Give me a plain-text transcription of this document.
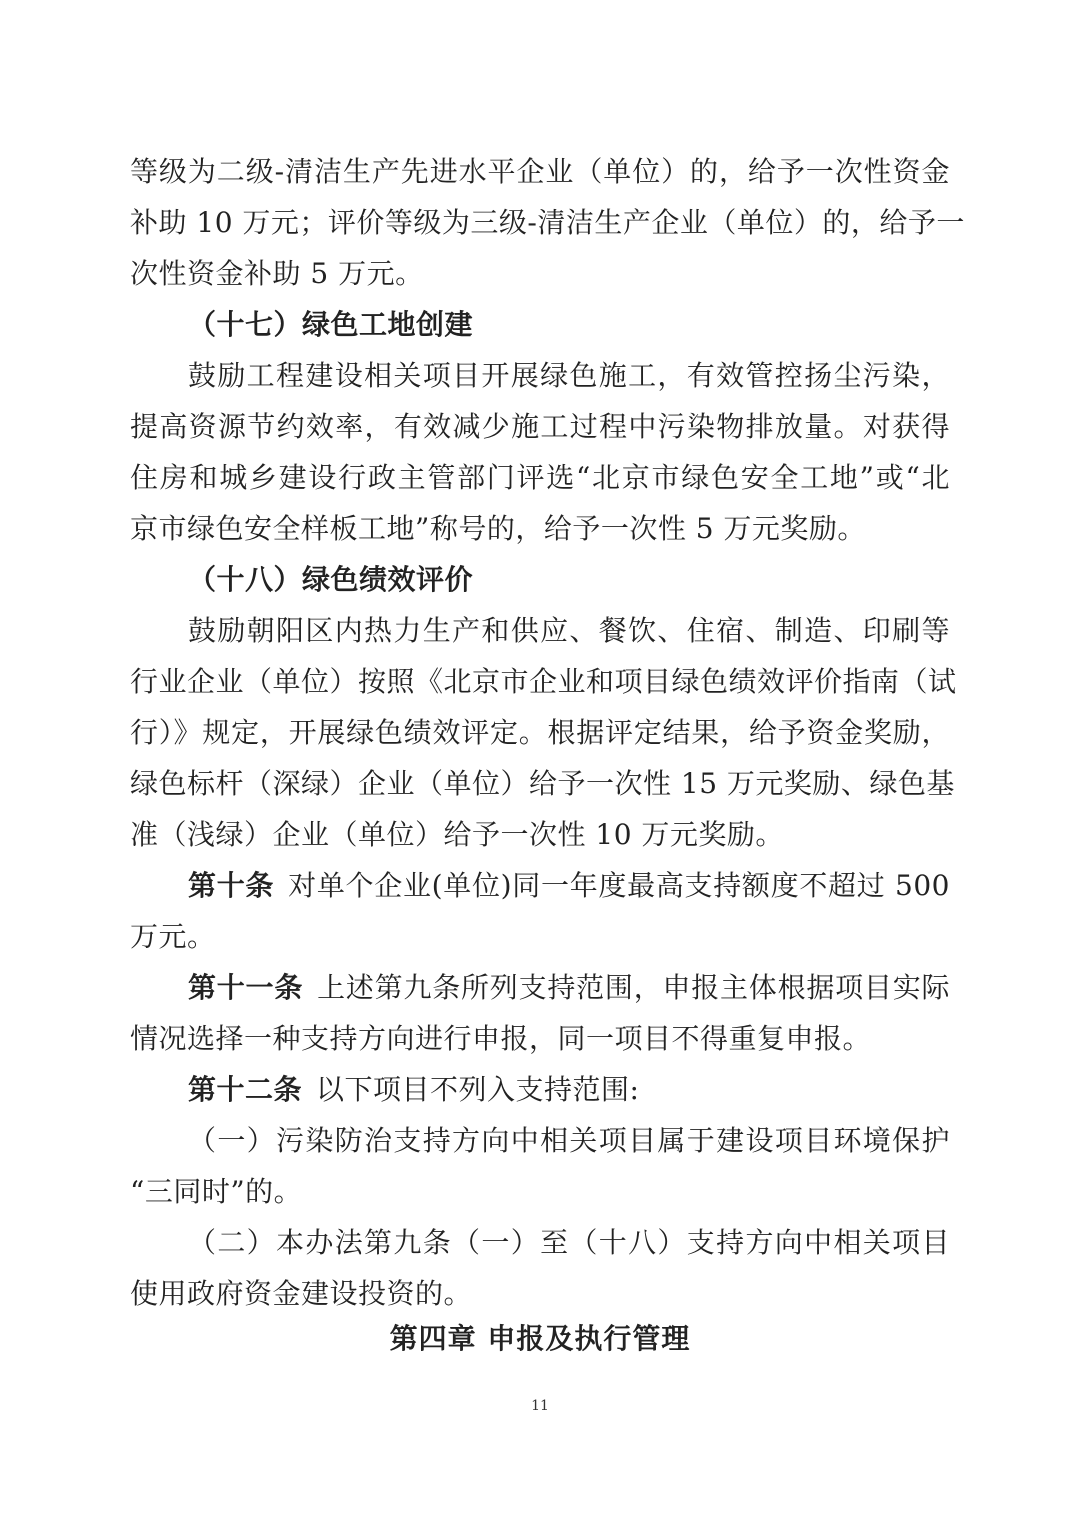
等级为二级-清洁生产先进水平企业（单位）的，给予一次性资金
补助 10 万元；评价等级为三级-清洁生产企业（单位）的，给予一
次性资金补助 5 万元。
（十七）绿色工地创建
鼓励工程建设相关项目开展绿色施工，有效管控扬尘污染，
提高资源节约效率，有效减少施工过程中污染物排放量。对获得
住房和城乡建设行政主管部门评选“北京市绿色安全工地”或“北
京市绿色安全样板工地”称号的，给予一次性 5 万元奖励。
（十八）绿色绩效评价
鼓励朝阳区内热力生产和供应、餐饮、住宿、制造、印刷等
行业企业（单位）按照《北京市企业和项目绿色绩效评价指南（试
行）》规定，开展绿色绩效评定。根据评定结果，给予资金奖励，
绿色标杆（深绿）企业（单位）给予一次性 15 万元奖励、绿色基
准（浅绿）企业（单位）给予一次性 10 万元奖励。
第十条 对单个企业(单位)同一年度最高支持额度不超过 500
万元。
第十一条 上述第九条所列支持范围，申报主体根据项目实际
情况选择一种支持方向进行申报，同一项目不得重复申报。
第十二条 以下项目不列入支持范围:
（一）污染防治支持方向中相关项目属于建设项目环境保护
“三同时”的。
（二）本办法第九条（一）至（十八）支持方向中相关项目
使用政府资金建设投资的。
第四章 申报及执行管理
11
